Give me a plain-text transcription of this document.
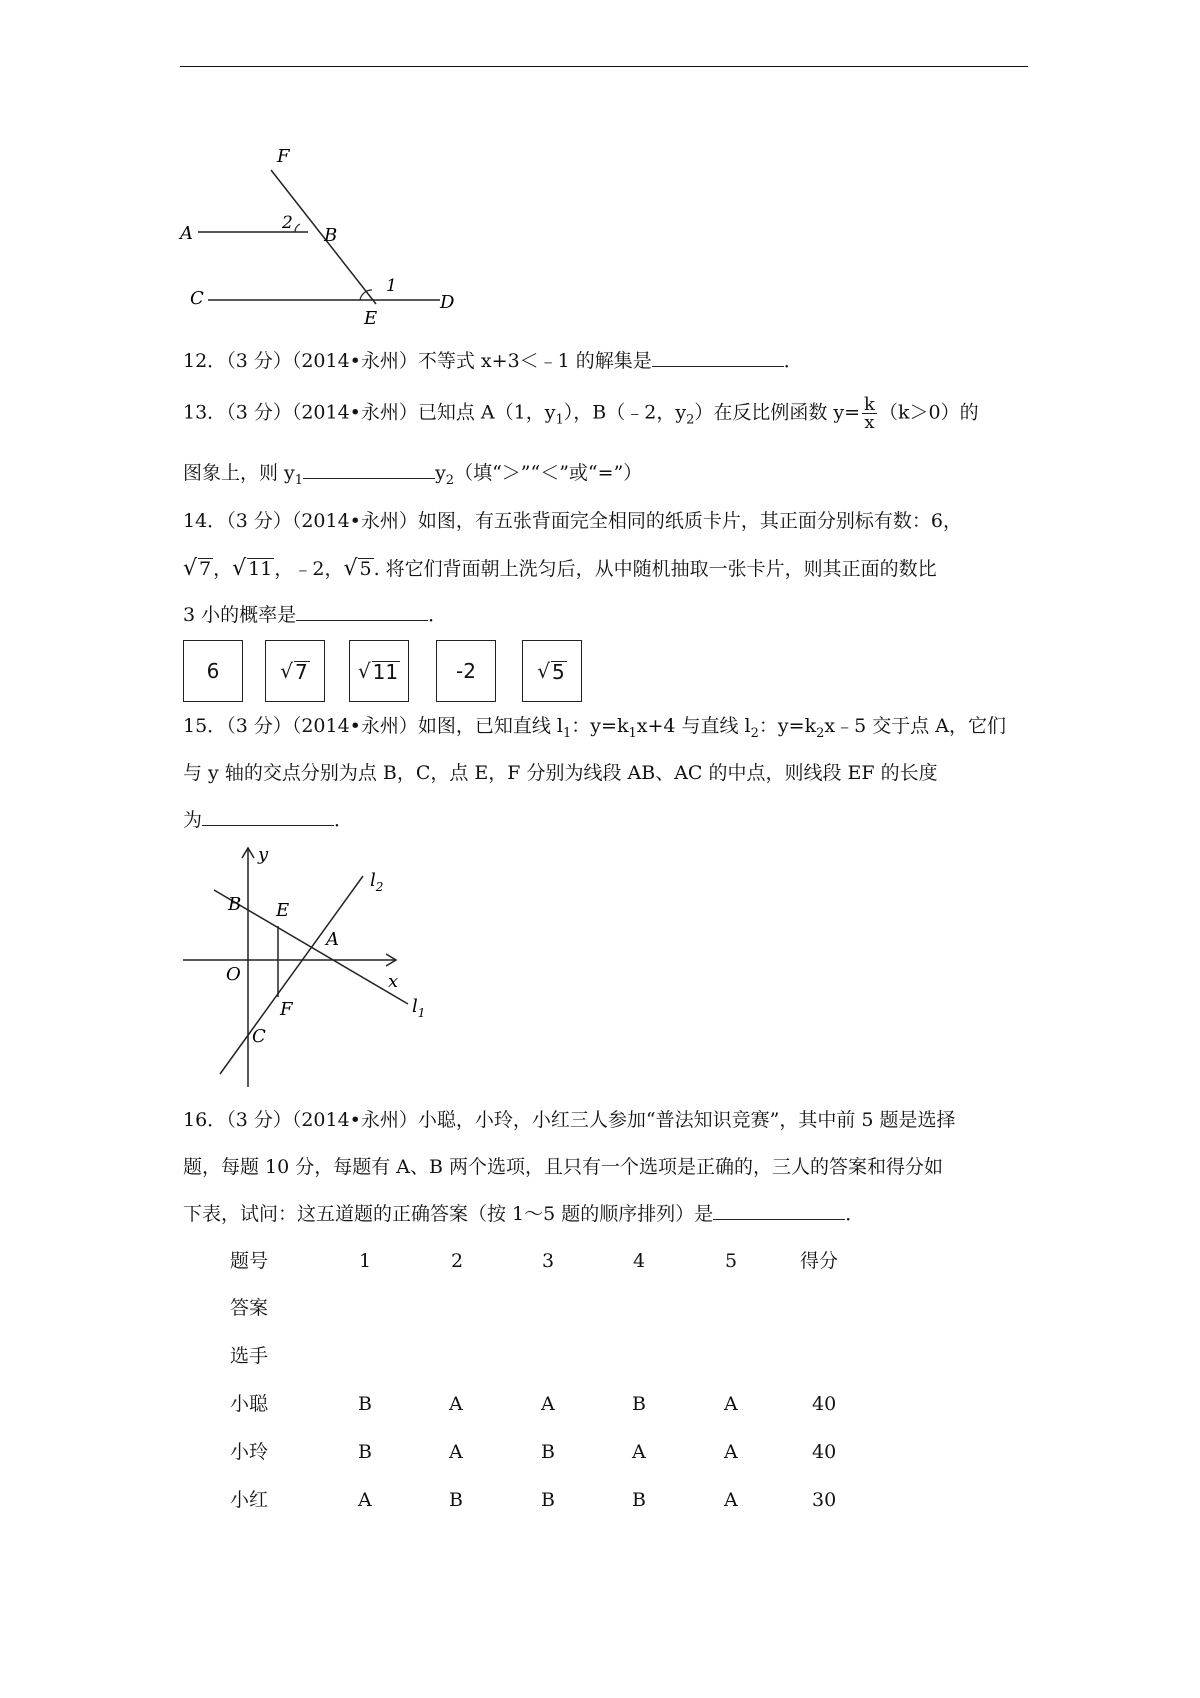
F
A	2
B
1
C	D
E
12．（3 分）（2014•永州）不等式 x+3＜﹣1 的解集是	．
13．（3 分）（2014•永州）已知点 A（1，$y_1$），B（﹣2，$y_2$）在反比例函数 $y= \frac{k}{x} (k>0)$的
图象上，则 $y_1$	$y_2$（填“＞”“＜”或“=”）
14．（3 分）（2014•永州）如图，有五张背面完全相同的纸质卡片，其正面分别标有数：6，
√ 7 ，√ 11 ，﹣2，√ 5 . 将它们背面朝上洗匀后，从中随机抽取一张卡片，则其正面的数比
3 小的概率是	．
6	√ 7	√ 11	-2	√ 5
15．（3 分）（2014•永州）如图，已知直线 $l_1$：$y=k_1x+4$ 与直线 $l_2$：$y=k_2x﹣5$ 交于点 A，它们
与 y 轴的交点分别为点 B，C，点 E，F 分别为线段 AB、AC 的中点，则线段 EF 的长度
为	．
y
$l_2$
B E
A
O	x
F	$l_1$
C
16．（3 分）（2014•永州）小聪，小玲，小红三人参加“普法知识竞赛”，其中前 5 题是选择
题，每题 10 分，每题有 A、B 两个选项，且只有一个选项是正确的，三人的答案和得分如
下表，试问：这五道题的正确答案（按 1～5 题的顺序排列）是	．
题号	1	2	3	4	5	得分
答案
选手
小聪	B	A	A	B	A	40
小玲	B	A	B	A	A	40
小红	A	B	B	B	A	30
